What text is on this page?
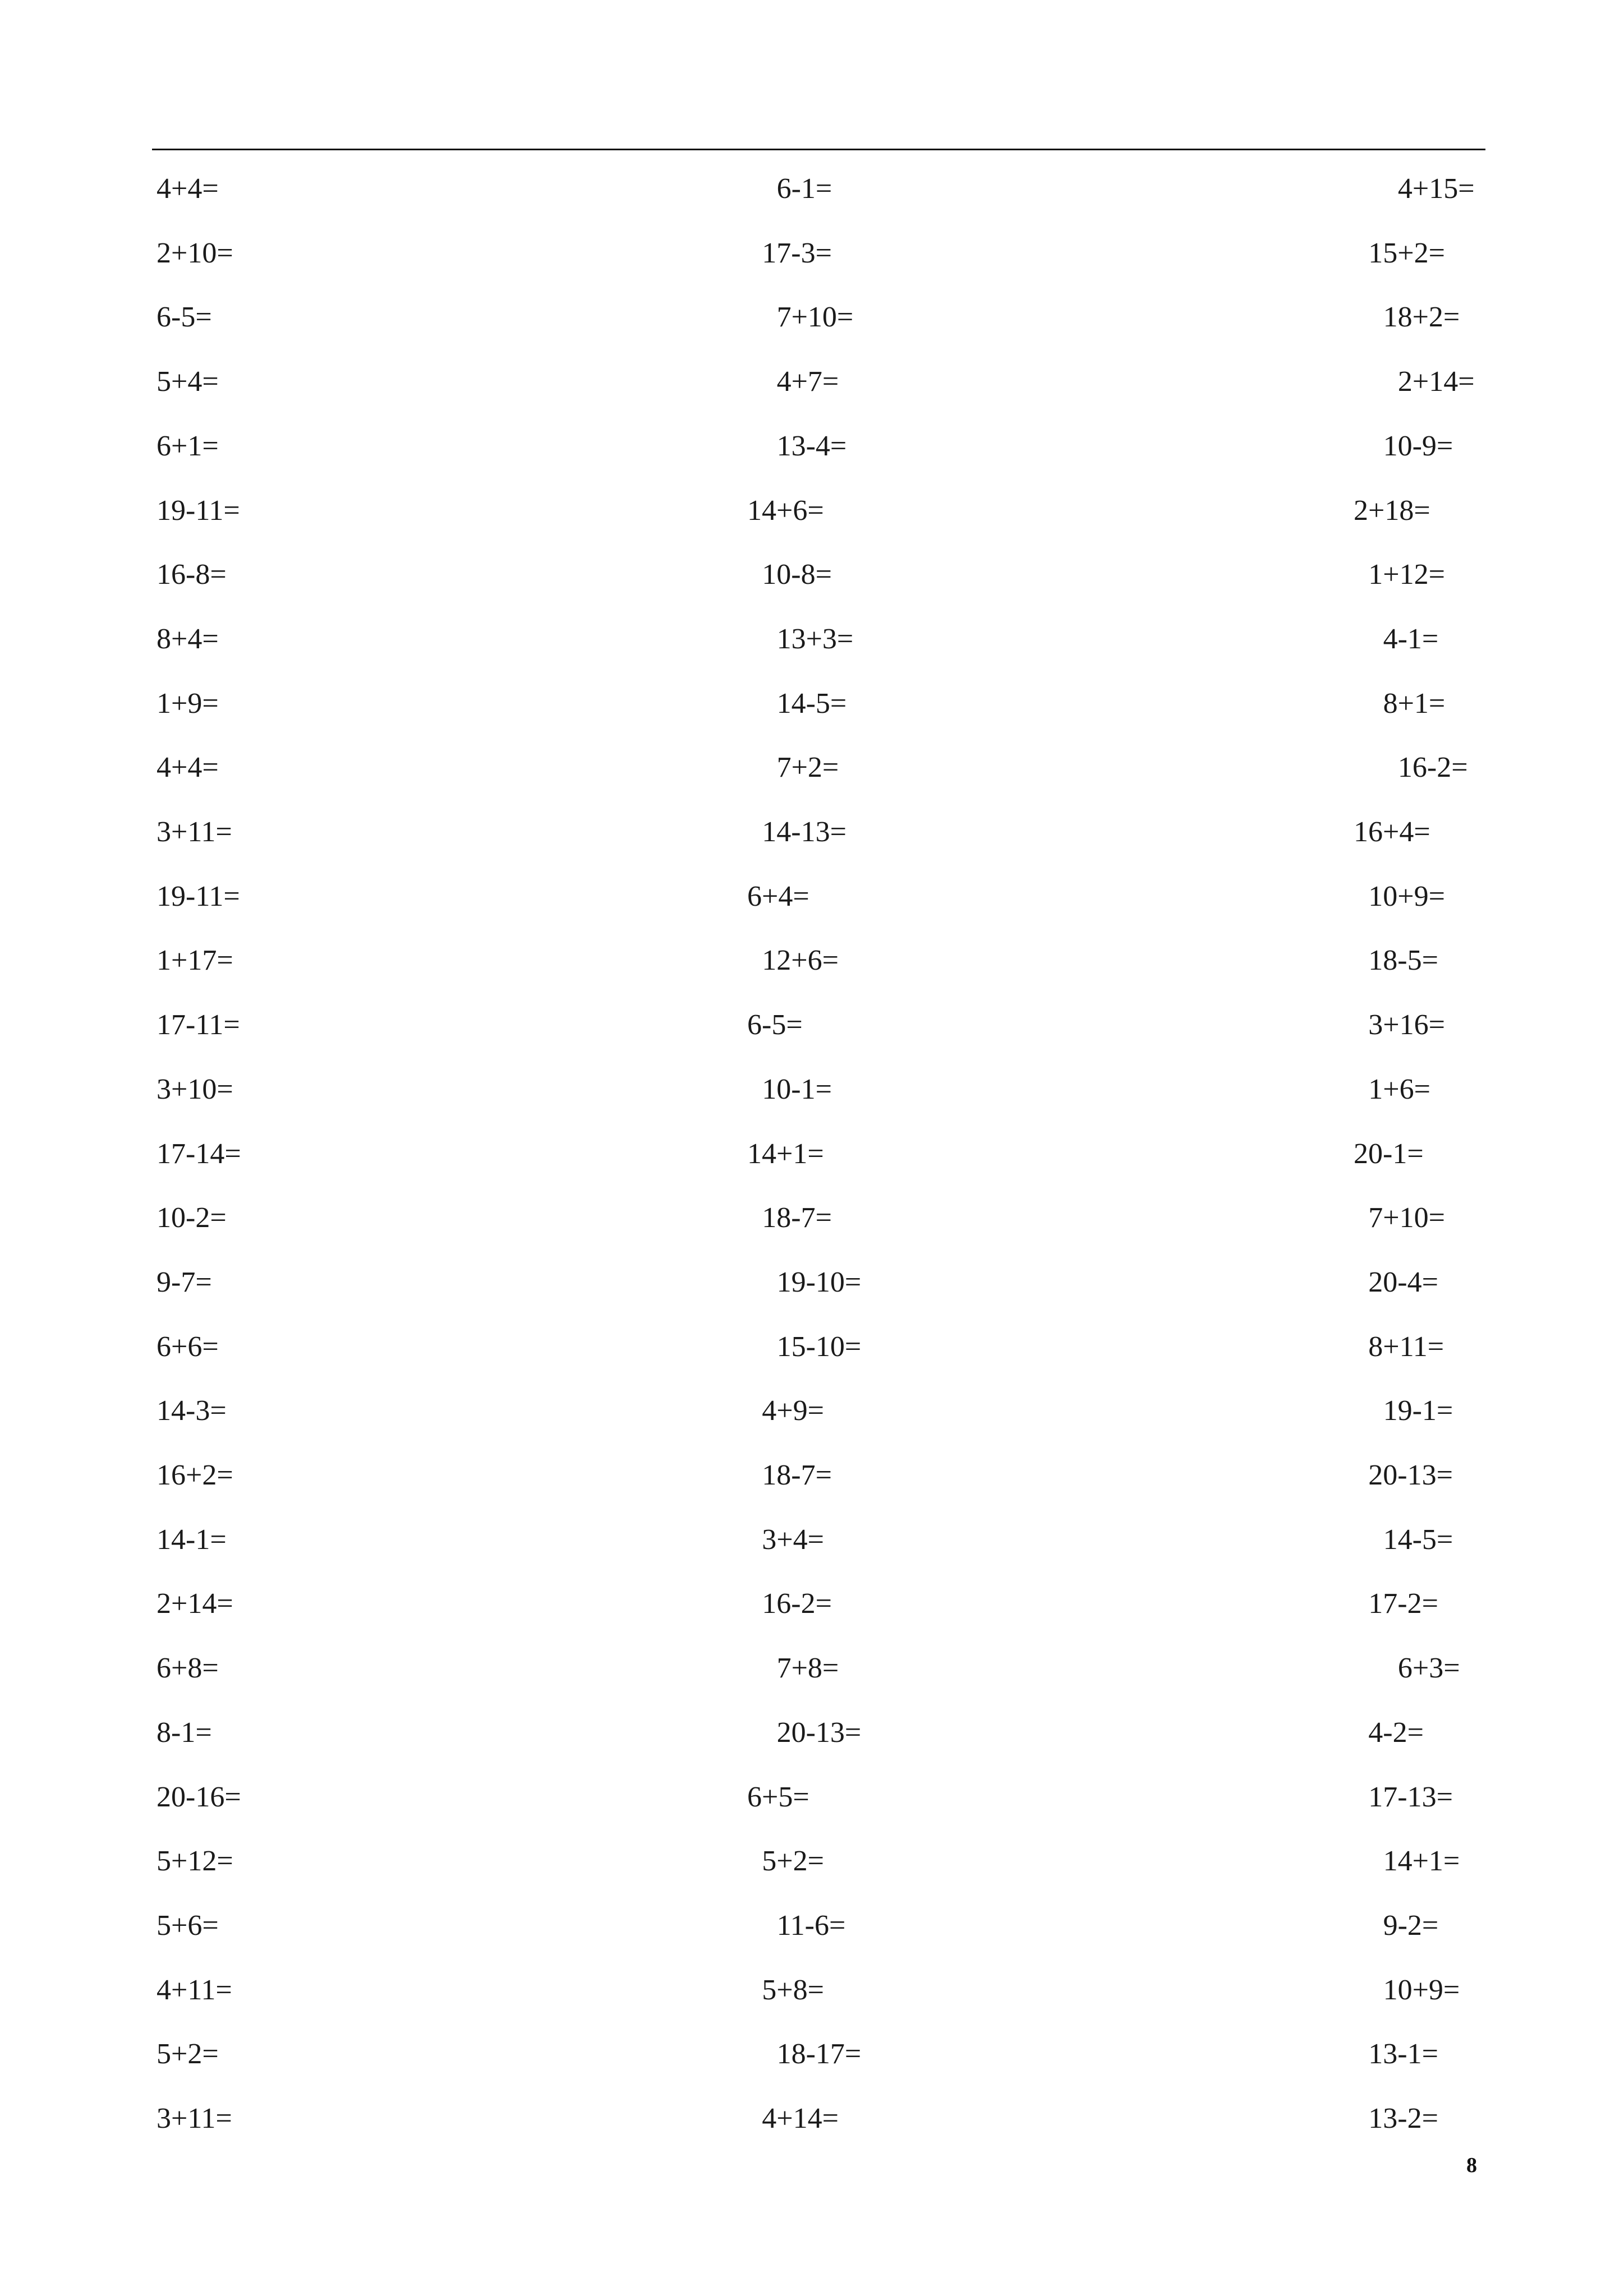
4+4=	6-1=	4+15=
2+10=	17-3=	15+2=
6-5=	7+10=	18+2=
5+4=	4+7=	2+14=
6+1=	13-4=	10-9=
19-11=	14+6=	2+18=
16-8=	10-8=	1+12=
8+4=	13+3=	4-1=
1+9=	14-5=	8+1=
4+4=	7+2=	16-2=
3+11=	14-13=	16+4=
19-11=	6+4=	10+9=
1+17=	12+6=	18-5=
17-11=	6-5=	3+16=
3+10=	10-1=	1+6=
17-14=	14+1=	20-1=
10-2=	18-7=	7+10=
9-7=	19-10=	20-4=
6+6=	15-10=	8+11=
14-3=	4+9=	19-1=
16+2=	18-7=	20-13=
14-1=	3+4=	14-5=
2+14=	16-2=	17-2=
6+8=	7+8=	6+3=
8-1=	20-13=	4-2=
20-16=	6+5=	17-13=
5+12=	5+2=	14+1=
5+6=	11-6=	9-2=
4+11=	5+8=	10+9=
5+2=	18-17=	13-1=
3+11=	4+14=	13-2=
8
